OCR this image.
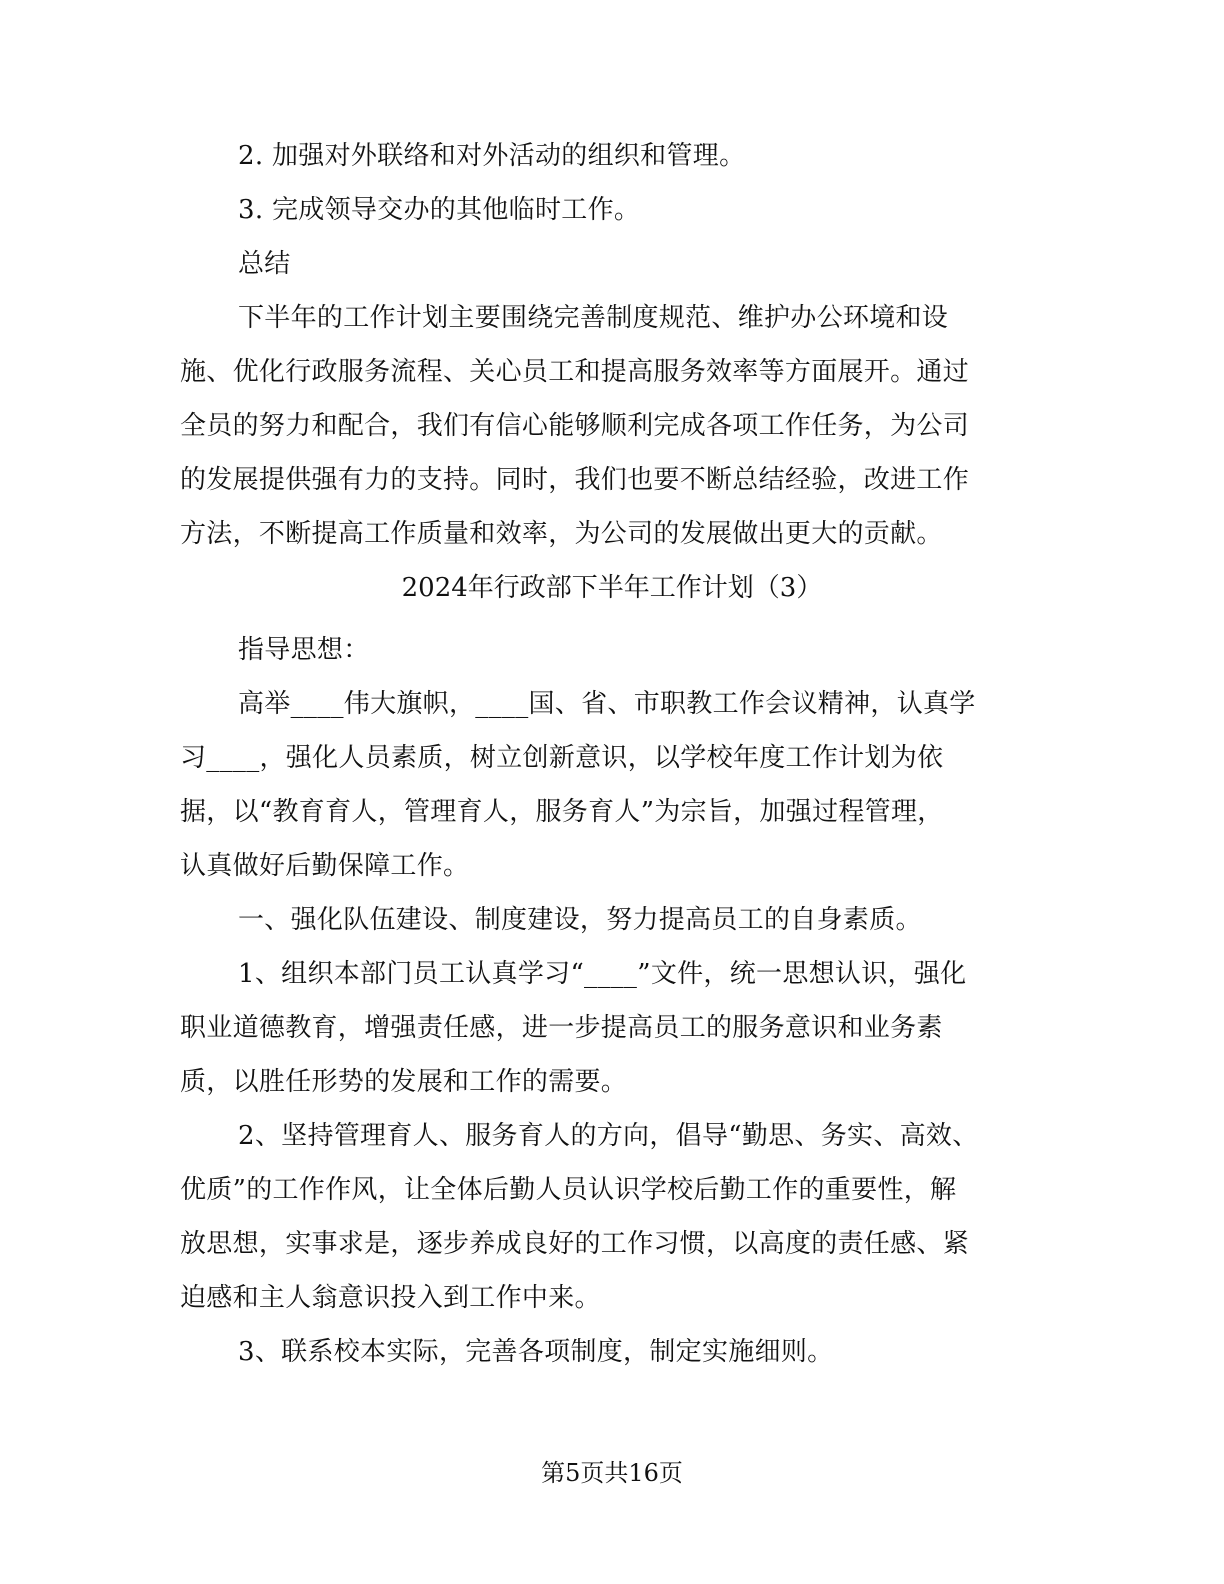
2. 加强对外联络和对外活动的组织和管理。
3. 完成领导交办的其他临时工作。
总结
下半年的工作计划主要围绕完善制度规范、维护办公环境和设
施、优化行政服务流程、关心员工和提高服务效率等方面展开。通过
全员的努力和配合，我们有信心能够顺利完成各项工作任务，为公司
的发展提供强有力的支持。同时，我们也要不断总结经验，改进工作
方法，不断提高工作质量和效率，为公司的发展做出更大的贡献。
2024年行政部下半年工作计划（3）
指导思想：
高举____伟大旗帜，____国、省、市职教工作会议精神，认真学
习____，强化人员素质，树立创新意识，以学校年度工作计划为依
据，以“教育育人，管理育人，服务育人”为宗旨，加强过程管理，
认真做好后勤保障工作。
一、强化队伍建设、制度建设，努力提高员工的自身素质。
1、组织本部门员工认真学习“____”文件，统一思想认识，强化
职业道德教育，增强责任感，进一步提高员工的服务意识和业务素
质，以胜任形势的发展和工作的需要。
2、坚持管理育人、服务育人的方向，倡导“勤思、务实、高效、
优质”的工作作风，让全体后勤人员认识学校后勤工作的重要性，解
放思想，实事求是，逐步养成良好的工作习惯，以高度的责任感、紧
迫感和主人翁意识投入到工作中来。
3、联系校本实际，完善各项制度，制定实施细则。
第5页共16页
